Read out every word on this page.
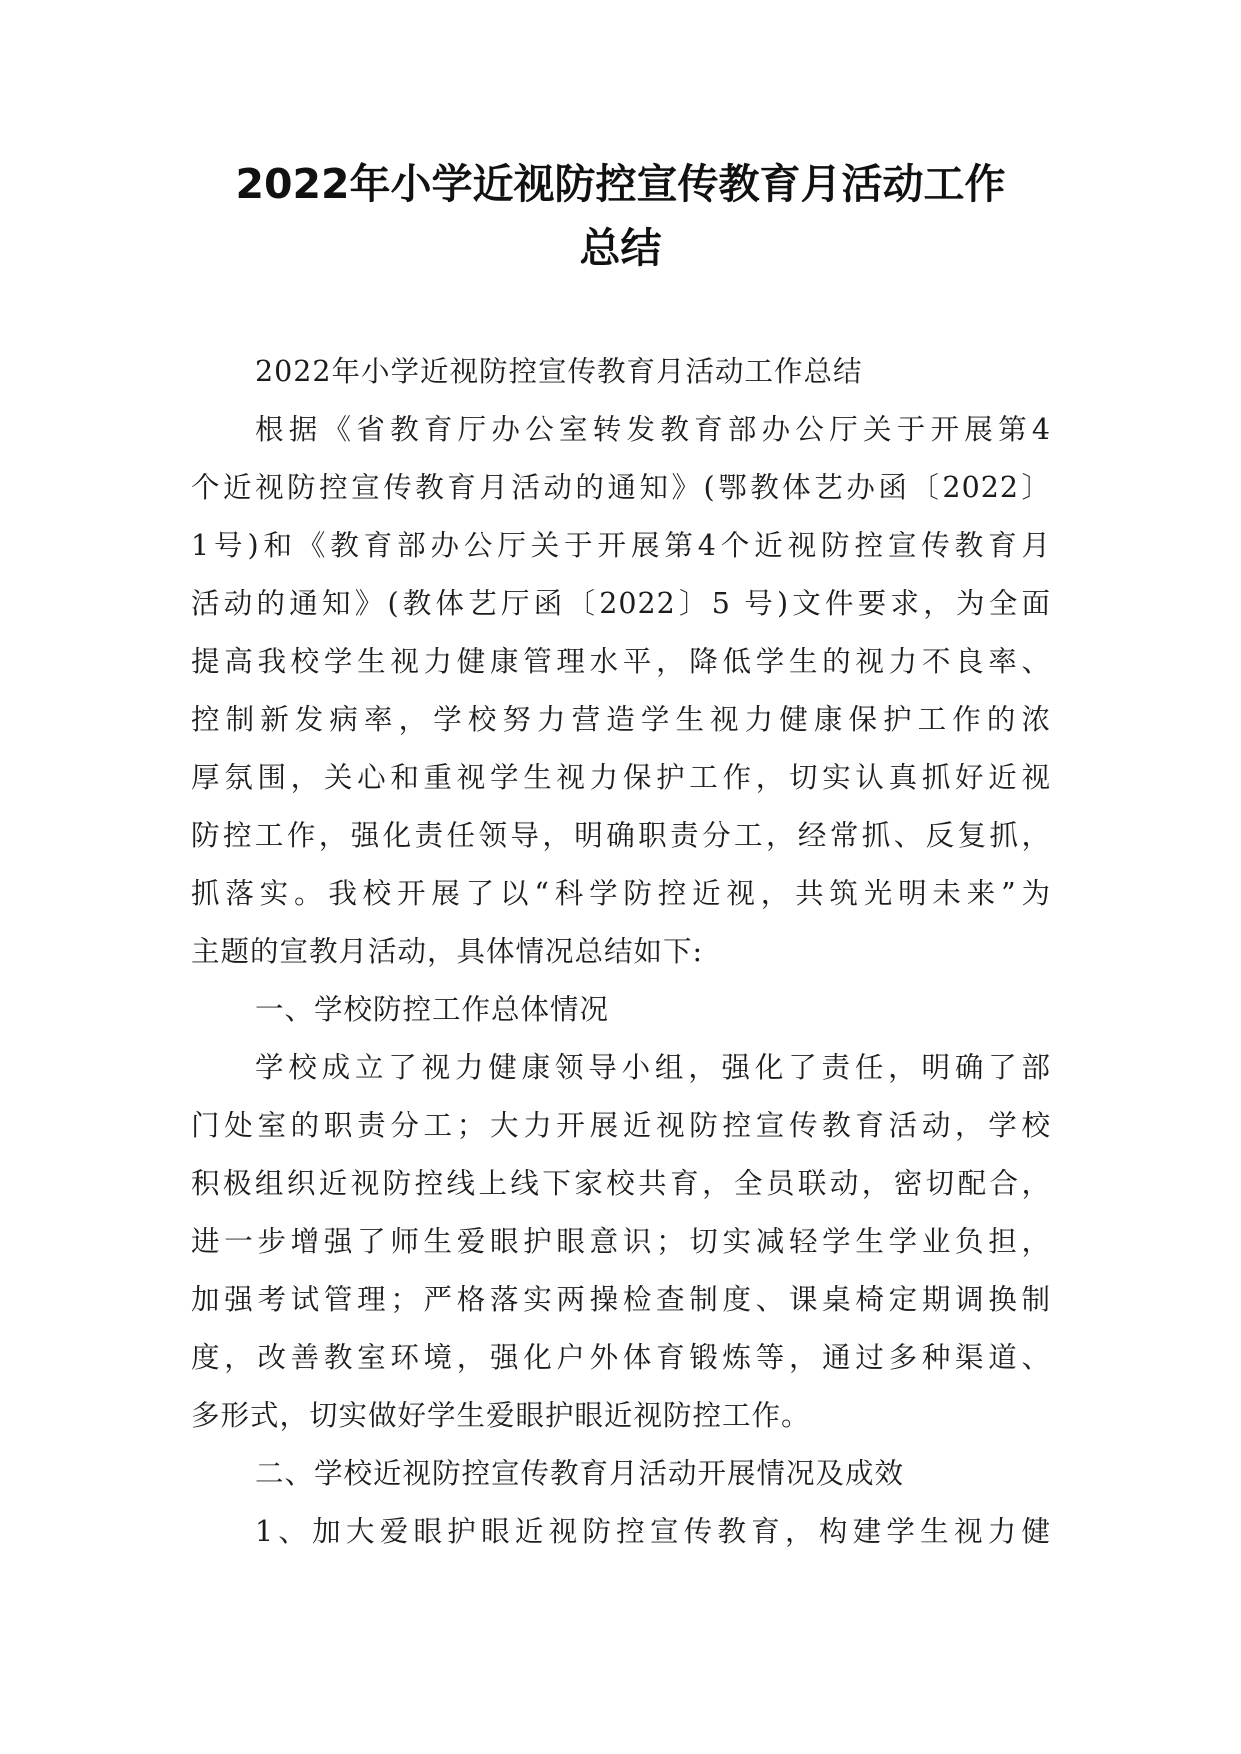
2022年小学近视防控宣传教育月活动工作
总结
2022年小学近视防控宣传教育月活动工作总结
根据《省教育厅办公室转发教育部办公厅关于开展第4
个近视防控宣传教育月活动的通知》(鄂教体艺办函〔2022〕
1号)和《教育部办公厅关于开展第4个近视防控宣传教育月
活动的通知》(教体艺厅函〔2022〕5 号)文件要求，为全面
提高我校学生视力健康管理水平，降低学生的视力不良率、
控制新发病率，学校努力营造学生视力健康保护工作的浓
厚氛围，关心和重视学生视力保护工作，切实认真抓好近视
防控工作，强化责任领导，明确职责分工，经常抓、反复抓，
抓落实。我校开展了以“科学防控近视，共筑光明未来”为
主题的宣教月活动，具体情况总结如下:
一、学校防控工作总体情况
学校成立了视力健康领导小组，强化了责任，明确了部
门处室的职责分工；大力开展近视防控宣传教育活动，学校
积极组织近视防控线上线下家校共育，全员联动，密切配合，
进一步增强了师生爱眼护眼意识；切实减轻学生学业负担，
加强考试管理；严格落实两操检查制度、课桌椅定期调换制
度，改善教室环境，强化户外体育锻炼等，通过多种渠道、
多形式，切实做好学生爱眼护眼近视防控工作。
二、学校近视防控宣传教育月活动开展情况及成效
1、加大爱眼护眼近视防控宣传教育，构建学生视力健
